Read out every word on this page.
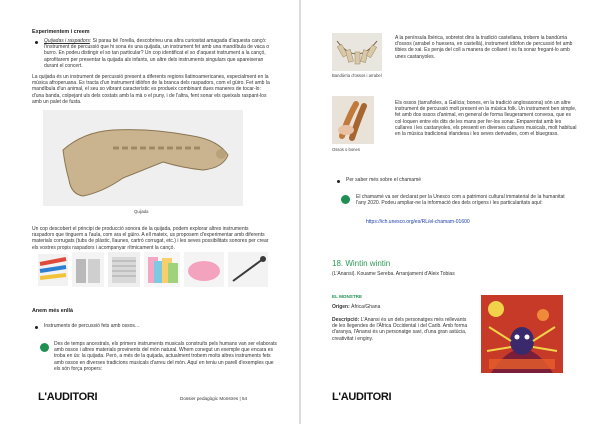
Experimentem i creem
Quijadas i raspadors: Si parau bé l'orella, descobrireu una altra curiositat amagada d'aquesta cançó: l'instrument de percussió que hi sona és una quijada, un instrument fet amb una mandíbula de vaca o burro. En podeu distingir el so tan particular? Un cop identificat el so d'aquest instrument a la cançó, aprofitarem per presentar la quijada als infants, un altre dels instruments singulars que apareixeran durant el concert.
La quijada és un instrument de percussió present a diferents regions llatinoamericanes, especialment en la música afroperuana. Es tracta d'un instrument idiòfon de la branca dels raspadors, com el güiro. Fet amb la mandíbula d'un animal, el seu so vibrant característic es produeix combinant dues maneres de tocar-lo: d'una banda, colpejant uls dels costats amb la mà o el puny, i de l'altra, fent sonar els queixals raspant-los amb un palet de fusta.
Quijada
Un cop descobert el principi de producció sonora de la quijada, podem explorar altres instruments raspadors que tinguem a l'aula, com ara el güiro. A ell mateix, us proposem d'experimentar amb diferents materials corrugats (tubs de plàstic, llaunes, cartró corrugat, etc.) i les seves possibilitats sonores per crear els vostres propis raspadors i acompanyar rítmicament la cançó.
Anem més enllà
Instruments de percussió fets amb ossos…
Des de temps ancestrals, els primers instruments musicals construïts pels humans van ser elaborats amb ossos i altres materials provinents del món natural. Whem conegut un exemple que encara es troba en ús: la quijada. Però, a més de la quijada, actualment trobem molts altres instruments fets amb ossos en diverses tradicions musicals d'arreu del món. Aquí en teniu un parell d'exemples que els són força propers:
L'AUDITORI	Dossier pedagògic Monstres | 54
Bandúrria d'ossos i arrabel
A la península Ibèrica, sobretot dins la tradició castellana, trobem la bandúrria d'ossos (arrabel o huesera, en castellà), instrument idiòfon de percussió fet amb tibies de xai. Es penja del coll a manera de collaret i es fa sonar fregant-lo amb unes castanyoles.
Ossos o bones
Els ossos (tarrañoles, a Galícia; bones, en la tradició anglosaxona) són un altre instrument de percussió molt present en la música folk. Un instrument ben simple, fet amb dos ossos d'animal, en general de forma lleugerament convexa, que es col·loquen entre els dits de les mans per fer-los sonar. Emparentat amb les cullares i les castanyoles, els presenti en diverses cultures musicals, molt habitual en la música tradicional irlandesa i les seves derivades, com el bluegrass.
Per saber més sobre el chamamé
El chamamé va ser declarat per la Unesco com a patrimoni cultural immaterial de la humanitat l'any 2020. Podeu ampliar-ne la informació des dels orígens i les particularitats aquí:
https://ich.unesco.org/es/RL/el-chamam-01600
18. Wintin wintin
(L'Anansi). Kouame Sereba. Arranjament d'Aleix Tobias
EL MONSTRE
Origen: Àfrica/Ghana
Descripció: L'Anansi és un dels personatges més rellevants de les llegendes de l'Àfrica Occidental i del Carib. Amb forma d'aranya, l'Anansi és un personatge savi, d'una gran astúcia, creativitat i enginy.
L'AUDITORI
